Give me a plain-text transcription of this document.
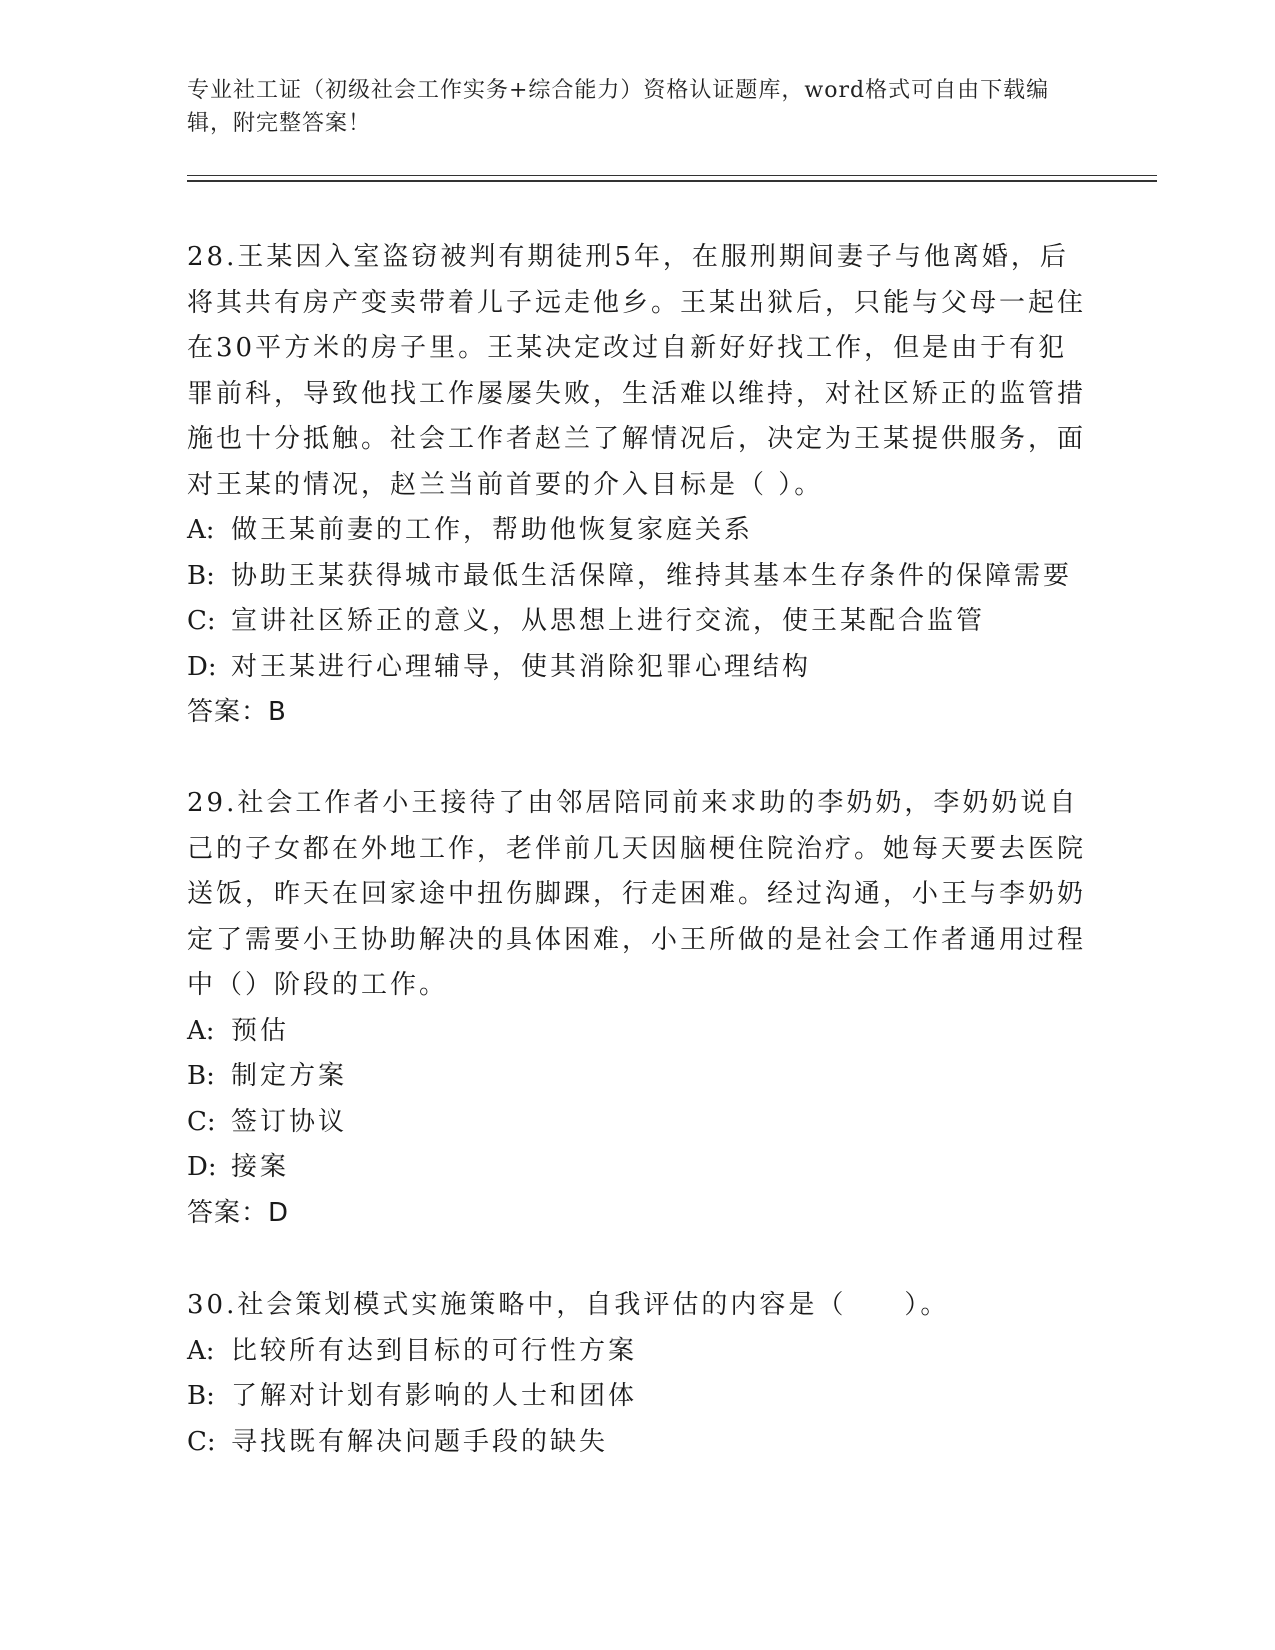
专业社工证（初级社会工作实务+综合能力）资格认证题库，word格式可自由下载编辑，附完整答案！

28.王某因入室盗窃被判有期徒刑5年，在服刑期间妻子与他离婚，后将其共有房产变卖带着儿子远走他乡。王某出狱后，只能与父母一起住在30平方米的房子里。王某决定改过自新好好找工作，但是由于有犯罪前科，导致他找工作屡屡失败，生活难以维持，对社区矫正的监管措施也十分抵触。社会工作者赵兰了解情况后，决定为王某提供服务，面对王某的情况，赵兰当前首要的介入目标是（ ）。

A: 做王某前妻的工作，帮助他恢复家庭关系

B: 协助王某获得城市最低生活保障，维持其基本生存条件的保障需要

C: 宣讲社区矫正的意义，从思想上进行交流，使王某配合监管

D: 对王某进行心理辅导，使其消除犯罪心理结构

答案：B

29.社会工作者小王接待了由邻居陪同前来求助的李奶奶，李奶奶说自己的子女都在外地工作，老伴前几天因脑梗住院治疗。她每天要去医院送饭，昨天在回家途中扭伤脚踝，行走困难。经过沟通，小王与李奶奶定了需要小王协助解决的具体困难，小王所做的是社会工作者通用过程中（）阶段的工作。

A: 预估

B: 制定方案

C: 签订协议

D: 接案

答案：D

30.社会策划模式实施策略中，自我评估的内容是（　　）。

A: 比较所有达到目标的可行性方案

B: 了解对计划有影响的人士和团体

C: 寻找既有解决问题手段的缺失
